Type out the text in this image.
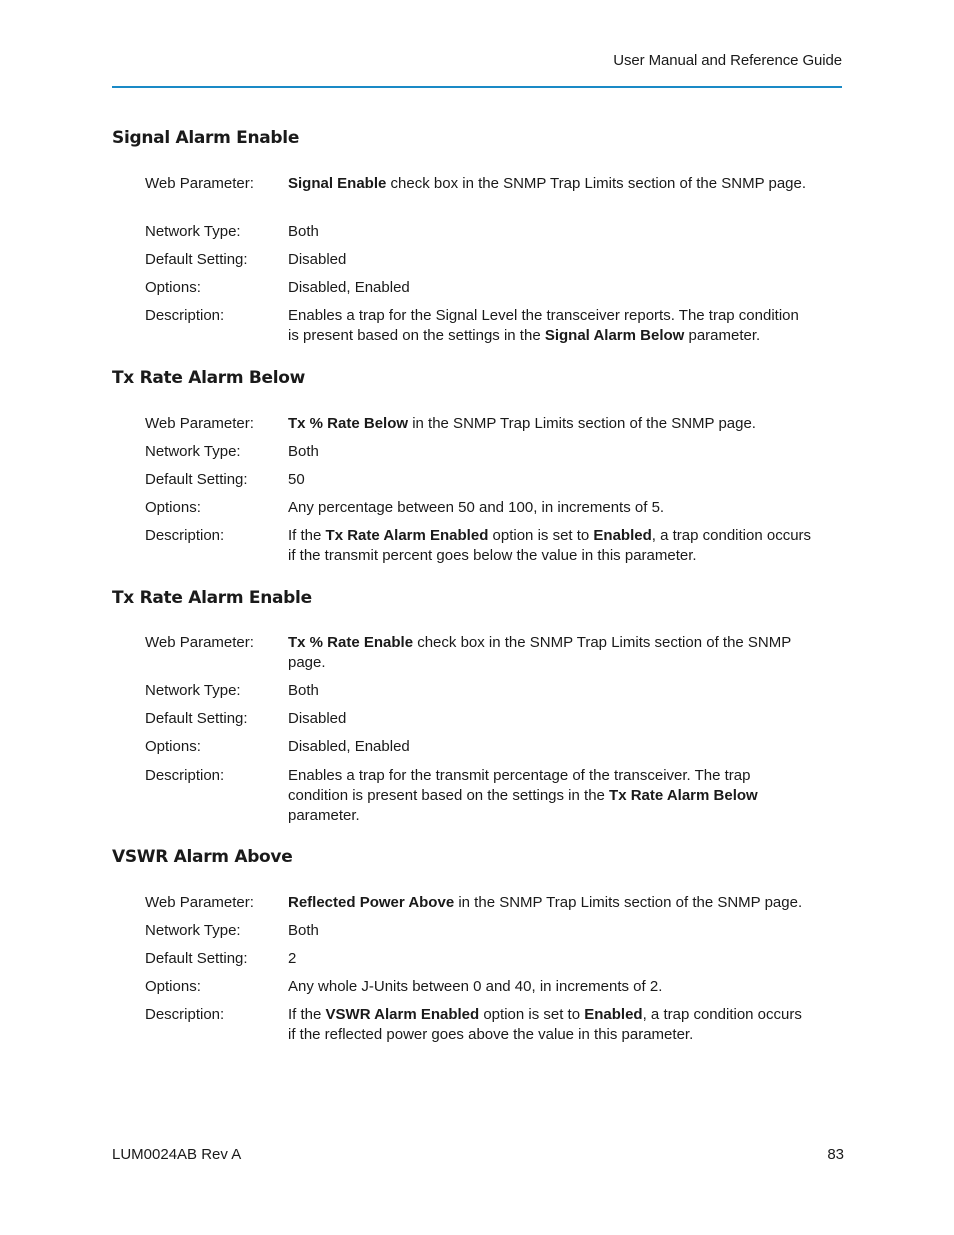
User Manual and Reference Guide
Signal Alarm Enable
Web Parameter:	Signal Enable check box in the SNMP Trap Limits section of the SNMP page.
Network Type:	Both
Default Setting:	Disabled
Options:	Disabled, Enabled
Description:	Enables a trap for the Signal Level the transceiver reports. The trap condition is present based on the settings in the Signal Alarm Below parameter.
Tx Rate Alarm Below
Web Parameter:	Tx % Rate Below in the SNMP Trap Limits section of the SNMP page.
Network Type:	Both
Default Setting:	50
Options:	Any percentage between 50 and 100, in increments of 5.
Description:	If the Tx Rate Alarm Enabled option is set to Enabled, a trap condition occurs if the transmit percent goes below the value in this parameter.
Tx Rate Alarm Enable
Web Parameter:	Tx % Rate Enable check box in the SNMP Trap Limits section of the SNMP page.
Network Type:	Both
Default Setting:	Disabled
Options:	Disabled, Enabled
Description:	Enables a trap for the transmit percentage of the transceiver. The trap condition is present based on the settings in the Tx Rate Alarm Below parameter.
VSWR Alarm Above
Web Parameter:	Reflected Power Above in the SNMP Trap Limits section of the SNMP page.
Network Type:	Both
Default Setting:	2
Options:	Any whole J-Units between 0 and 40, in increments of 2.
Description:	If the VSWR Alarm Enabled option is set to Enabled, a trap condition occurs if the reflected power goes above the value in this parameter.
LUM0024AB Rev A	83
